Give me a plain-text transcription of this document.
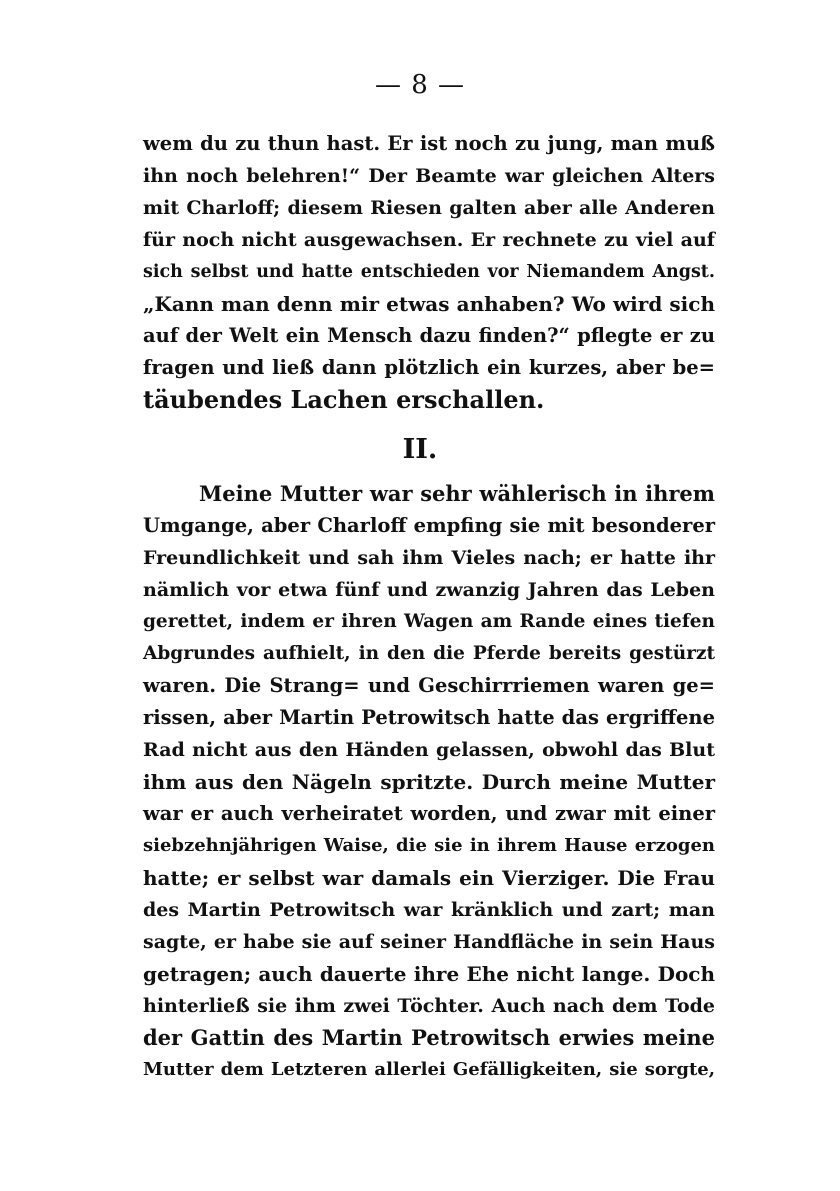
— 8 —
wem du zu thun hast. Er ist noch zu jung, man muß
ihn noch belehren!“ Der Beamte war gleichen Alters
mit Charloff; diesem Riesen galten aber alle Anderen
für noch nicht ausgewachsen. Er rechnete zu viel auf
sich selbst und hatte entschieden vor Niemandem Angst.
„Kann man denn mir etwas anhaben? Wo wird sich
auf der Welt ein Mensch dazu finden?“ pflegte er zu
fragen und ließ dann plötzlich ein kurzes, aber be=
täubendes Lachen erschallen.
II.
Meine Mutter war sehr wählerisch in ihrem
Umgange, aber Charloff empfing sie mit besonderer
Freundlichkeit und sah ihm Vieles nach; er hatte ihr
nämlich vor etwa fünf und zwanzig Jahren das Leben
gerettet, indem er ihren Wagen am Rande eines tiefen
Abgrundes aufhielt, in den die Pferde bereits gestürzt
waren. Die Strang= und Geschirrriemen waren ge=
rissen, aber Martin Petrowitsch hatte das ergriffene
Rad nicht aus den Händen gelassen, obwohl das Blut
ihm aus den Nägeln spritzte. Durch meine Mutter
war er auch verheiratet worden, und zwar mit einer
siebzehnjährigen Waise, die sie in ihrem Hause erzogen
hatte; er selbst war damals ein Vierziger. Die Frau
des Martin Petrowitsch war kränklich und zart; man
sagte, er habe sie auf seiner Handfläche in sein Haus
getragen; auch dauerte ihre Ehe nicht lange. Doch
hinterließ sie ihm zwei Töchter. Auch nach dem Tode
der Gattin des Martin Petrowitsch erwies meine
Mutter dem Letzteren allerlei Gefälligkeiten, sie sorgte,
